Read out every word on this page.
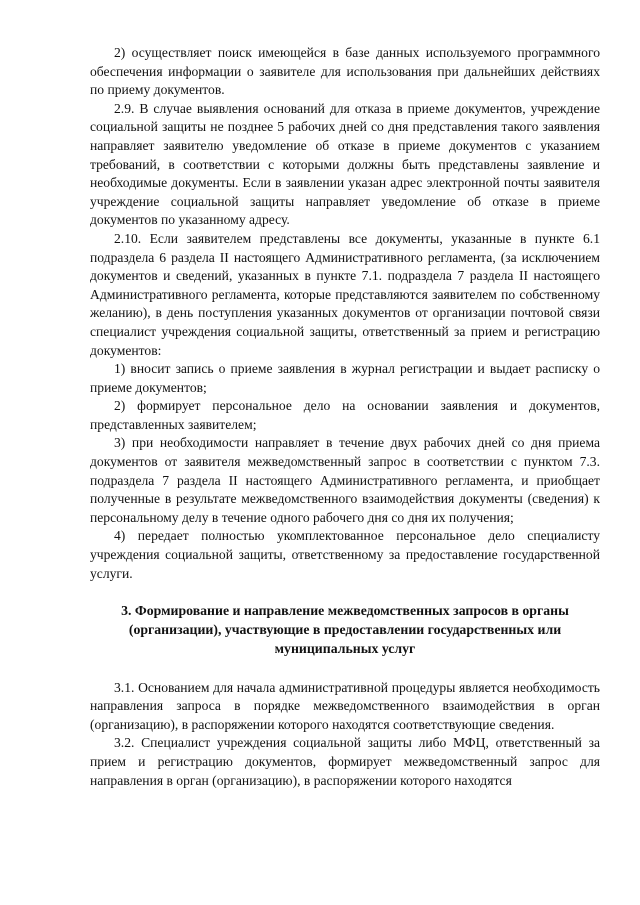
2) осуществляет поиск имеющейся в базе данных используемого программного обеспечения информации о заявителе для использования при дальнейших действиях по приему документов.

2.9. В случае выявления оснований для отказа в приеме документов, учреждение социальной защиты не позднее 5 рабочих дней со дня представления такого заявления направляет заявителю уведомление об отказе в приеме документов с указанием требований, в соответствии с которыми должны быть представлены заявление и необходимые документы. Если в заявлении указан адрес электронной почты заявителя учреждение социальной защиты направляет уведомление об отказе в приеме документов по указанному адресу.

2.10. Если заявителем представлены все документы, указанные в пункте 6.1 подраздела 6 раздела II настоящего Административного регламента, (за исключением документов и сведений, указанных в пункте 7.1. подраздела 7 раздела II настоящего Административного регламента, которые представляются заявителем по собственному желанию), в день поступления указанных документов от организации почтовой связи специалист учреждения социальной защиты, ответственный за прием и регистрацию документов:

1) вносит запись о приеме заявления в журнал регистрации и выдает расписку о приеме документов;

2) формирует персональное дело на основании заявления и документов, представленных заявителем;

3) при необходимости направляет в течение двух рабочих дней со дня приема документов от заявителя межведомственный запрос в соответствии с пунктом 7.3. подраздела 7 раздела II настоящего Административного регламента, и приобщает полученные в результате межведомственного взаимодействия документы (сведения) к персональному делу в течение одного рабочего дня со дня их получения;

4) передает полностью укомплектованное персональное дело специалисту учреждения социальной защиты, ответственному за предоставление государственной услуги.

3. Формирование и направление межведомственных запросов в органы (организации), участвующие в предоставлении государственных или муниципальных услуг

3.1. Основанием для начала административной процедуры является необходимость направления запроса в порядке межведомственного взаимодействия в орган (организацию), в распоряжении которого находятся соответствующие сведения.

3.2. Специалист учреждения социальной защиты либо МФЦ, ответственный за прием и регистрацию документов, формирует межведомственный запрос для направления в орган (организацию), в распоряжении которого находятся
